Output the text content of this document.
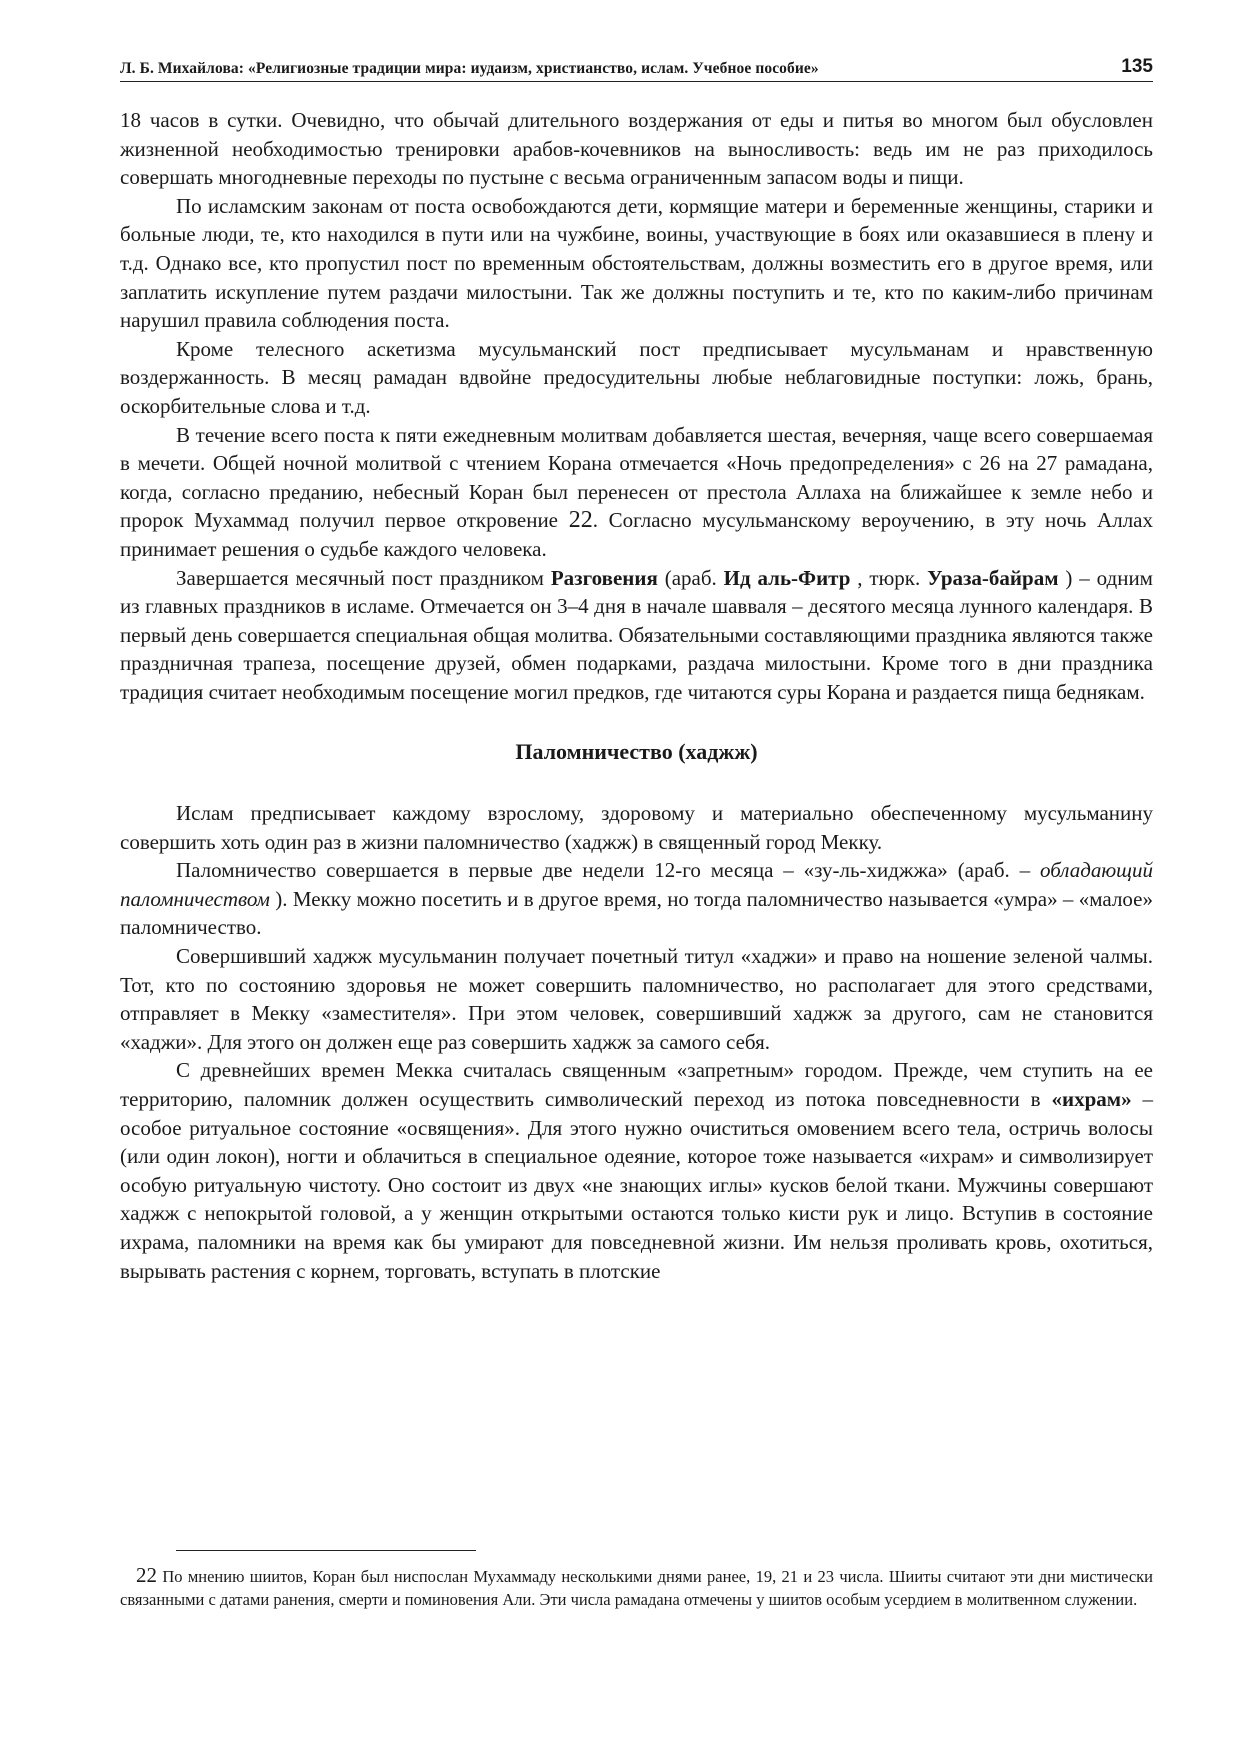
Л. Б. Михайлова: «Религиозные традиции мира: иудаизм, христианство, ислам. Учебное пособие»	135

18 часов в сутки. Очевидно, что обычай длительного воздержания от еды и питья во многом был обусловлен жизненной необходимостью тренировки арабов-кочевников на выносливость: ведь им не раз приходилось совершать многодневные переходы по пустыне с весьма ограниченным запасом воды и пищи.

По исламским законам от поста освобождаются дети, кормящие матери и беременные женщины, старики и больные люди, те, кто находился в пути или на чужбине, воины, участвующие в боях или оказавшиеся в плену и т.д. Однако все, кто пропустил пост по временным обстоятельствам, должны возместить его в другое время, или заплатить искупление путем раздачи милостыни. Так же должны поступить и те, кто по каким-либо причинам нарушил правила соблюдения поста.

Кроме телесного аскетизма мусульманский пост предписывает мусульманам и нравственную воздержанность. В месяц рамадан вдвойне предосудительны любые неблаговидные поступки: ложь, брань, оскорбительные слова и т.д.

В течение всего поста к пяти ежедневным молитвам добавляется шестая, вечерняя, чаще всего совершаемая в мечети. Общей ночной молитвой с чтением Корана отмечается «Ночь предопределения» с 26 на 27 рамадана, когда, согласно преданию, небесный Коран был перенесен от престола Аллаха на ближайшее к земле небо и пророк Мухаммад получил первое откровение 22. Согласно мусульманскому вероучению, в эту ночь Аллах принимает решения о судьбе каждого человека.

Завершается месячный пост праздником Разговения (араб. Ид аль-Фитр , тюрк. Ураза-байрам ) – одним из главных праздников в исламе. Отмечается он 3–4 дня в начале шавваля – десятого месяца лунного календаря. В первый день совершается специальная общая молитва. Обязательными составляющими праздника являются также праздничная трапеза, посещение друзей, обмен подарками, раздача милостыни. Кроме того в дни праздника традиция считает необходимым посещение могил предков, где читаются суры Корана и раздается пища беднякам.

Паломничество (хаджж)

Ислам предписывает каждому взрослому, здоровому и материально обеспеченному мусульманину совершить хоть один раз в жизни паломничество (хаджж) в священный город Мекку.

Паломничество совершается в первые две недели 12-го месяца – «зу-ль-хиджжа» (араб. – обладающий паломничеством ). Мекку можно посетить и в другое время, но тогда паломничество называется «умра» – «малое» паломничество.

Совершивший хаджж мусульманин получает почетный титул «хаджи» и право на ношение зеленой чалмы. Тот, кто по состоянию здоровья не может совершить паломничество, но располагает для этого средствами, отправляет в Мекку «заместителя». При этом человек, совершивший хаджж за другого, сам не становится «хаджи». Для этого он должен еще раз совершить хаджж за самого себя.

С древнейших времен Мекка считалась священным «запретным» городом. Прежде, чем ступить на ее территорию, паломник должен осуществить символический переход из потока повседневности в «ихрам» – особое ритуальное состояние «освящения». Для этого нужно очиститься омовением всего тела, остричь волосы (или один локон), ногти и облачиться в специальное одеяние, которое тоже называется «ихрам» и символизирует особую ритуальную чистоту. Оно состоит из двух «не знающих иглы» кусков белой ткани. Мужчины совершают хаджж с непокрытой головой, а у женщин открытыми остаются только кисти рук и лицо. Вступив в состояние ихрама, паломники на время как бы умирают для повседневной жизни. Им нельзя проливать кровь, охотиться, вырывать растения с корнем, торговать, вступать в плотские

22 По мнению шиитов, Коран был ниспослан Мухаммаду несколькими днями ранее, 19, 21 и 23 числа. Шииты считают эти дни мистически связанными с датами ранения, смерти и поминовения Али. Эти числа рамадана отмечены у шиитов особым усердием в молитвенном служении.
